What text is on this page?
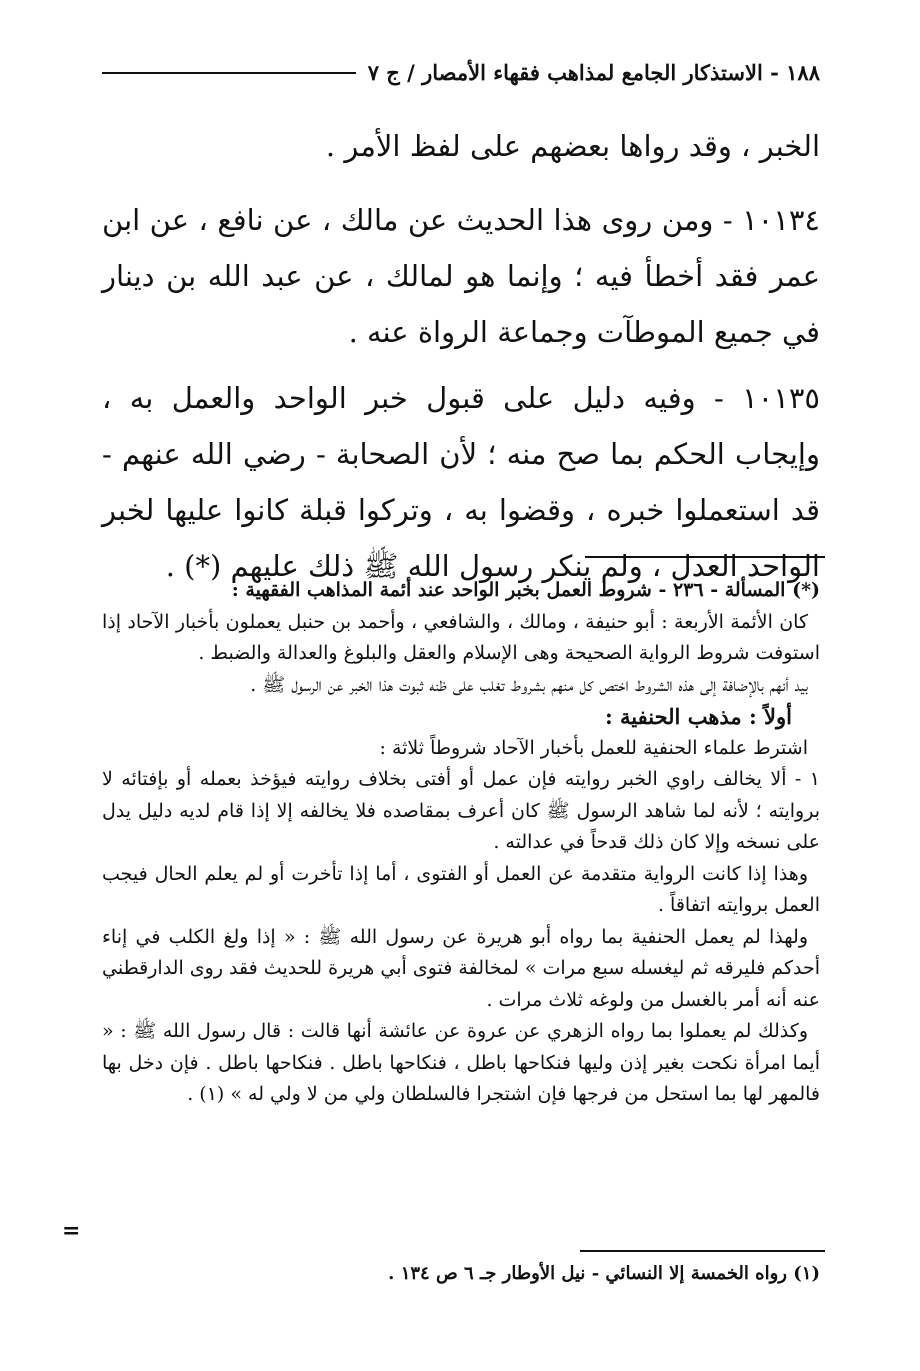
١٨٨ - الاستذكار الجامع لمذاهب فقهاء الأمصار / ج ٧

الخبر ، وقد رواها بعضهم على لفظ الأمر .

١٠١٣٤ - ومن روى هذا الحديث عن مالك ، عن نافع ، عن ابن عمر فقد أخطأ فيه ؛ وإنما هو لمالك ، عن عبد الله بن دينار في جميع الموطآت وجماعة الرواة عنه .

١٠١٣٥ - وفيه دليل على قبول خبر الواحد والعمل به ، وإيجاب الحكم بما صح منه ؛ لأن الصحابة - رضي الله عنهم - قد استعملوا خبره ، وقضوا به ، وتركوا قبلة كانوا عليها لخبر الواحد العدل ، ولم ينكر رسول الله ﷺ ذلك عليهم (*) .

(*) المسألة - ٢٣٦ - شروط العمل بخبر الواحد عند أئمة المذاهب الفقهية :

كان الأئمة الأربعة : أبو حنيفة ، ومالك ، والشافعي ، وأحمد بن حنبل يعملون بأخبار الآحاد إذا استوفت شروط الرواية الصحيحة وهى الإسلام والعقل والبلوغ والعدالة والضبط .

بيد أنهم بالإضافة إلى هذه الشروط اختص كل منهم بشروط تغلب على ظنه ثبوت هذا الخبر عن الرسول ﷺ .

أولاً : مذهب الحنفية :

اشترط علماء الحنفية للعمل بأخبار الآحاد شروطاً ثلاثة :

١ - ألا يخالف راوي الخبر روايته فإن عمل أو أفتى بخلاف روايته فيؤخذ بعمله أو بإفتائه لا بروايته ؛ لأنه لما شاهد الرسول ﷺ كان أعرف بمقاصده فلا يخالفه إلا إذا قام لديه دليل يدل على نسخه وإلا كان ذلك قدحاً في عدالته .

وهذا إذا كانت الرواية متقدمة عن العمل أو الفتوى ، أما إذا تأخرت أو لم يعلم الحال فيجب العمل بروايته اتفاقاً .

ولهذا لم يعمل الحنفية بما رواه أبو هريرة عن رسول الله ﷺ : « إذا ولغ الكلب في إناء أحدكم فليرقه ثم ليغسله سبع مرات » لمخالفة فتوى أبي هريرة للحديث فقد روى الدارقطني عنه أنه أمر بالغسل من ولوغه ثلاث مرات .

وكذلك لم يعملوا بما رواه الزهري عن عروة عن عائشة أنها قالت : قال رسول الله ﷺ : « أيما امرأة نكحت بغير إذن وليها فنكاحها باطل ، فنكاحها باطل . فنكاحها باطل . فإن دخل بها فالمهر لها بما استحل من فرجها فإن اشتجرا فالسلطان ولي من لا ولي له » (١) .

=
(١) رواه الخمسة إلا النسائي - نيل الأوطار جـ ٦ ص ١٣٤ .
